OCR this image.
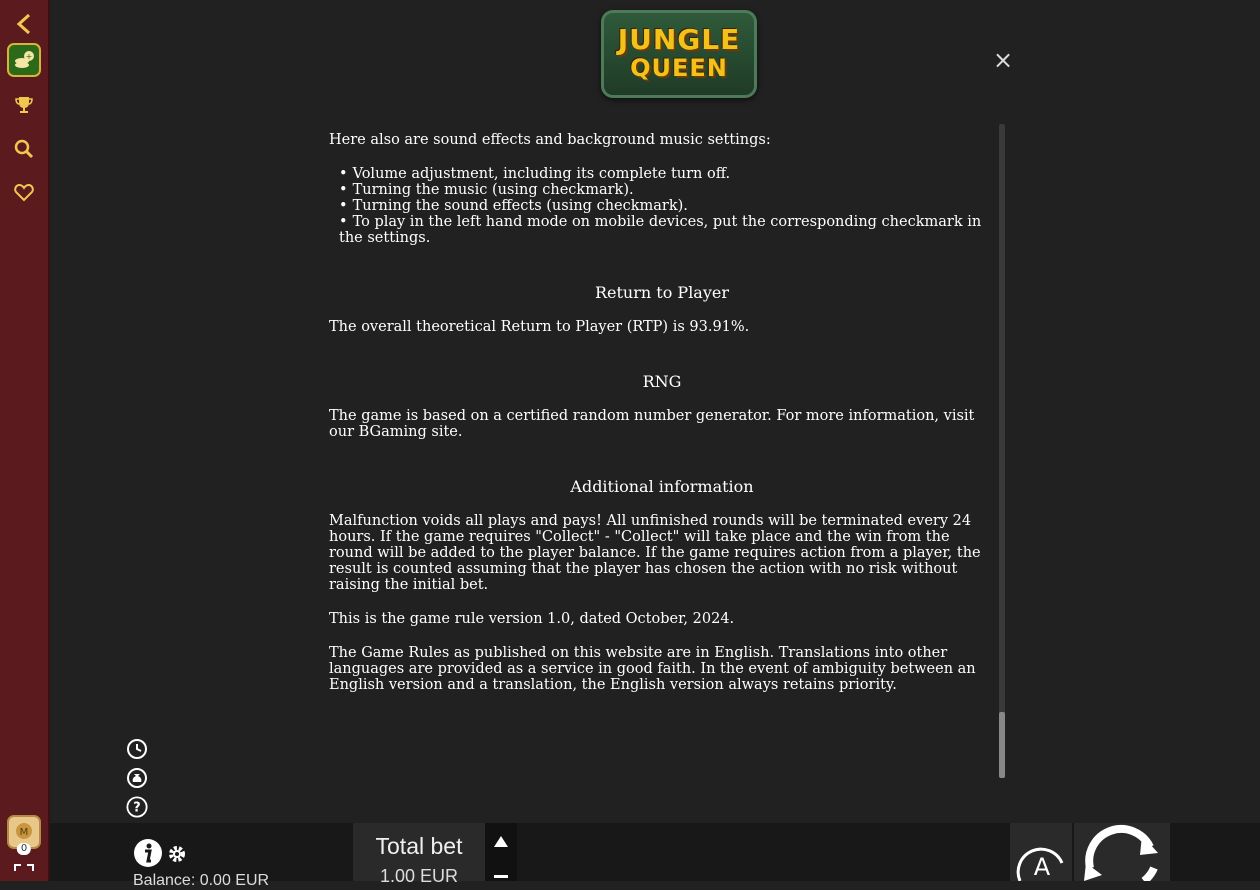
+
M
0
JUNGLE
QUEEN	×

Here also are sound effects and background music settings:

• Volume adjustment, including its complete turn off.
• Turning the music (using checkmark).
• Turning the sound effects (using checkmark).
• To play in the left hand mode on mobile devices, put the corresponding checkmark in the settings.
Return to Player

The overall theoretical Return to Player (RTP) is 93.91%.

RNG

The game is based on a certified random number generator. For more information, visit our BGaming site.

Additional information

Malfunction voids all plays and pays! All unfinished rounds will be terminated every 24 hours. If the game requires "Collect" - "Collect" will take place and the win from the round will be added to the player balance. If the game requires action from a player, the result is counted assuming that the player has chosen the action with no risk without raising the initial bet.

This is the game rule version 1.0, dated October, 2024.

The Game Rules as published on this website are in English. Translations into other languages are provided as a service in good faith. In the event of ambiguity between an English version and a translation, the English version always retains priority.

?
Balance: 0.00 EUR
Total bet
1.00 EUR	A
